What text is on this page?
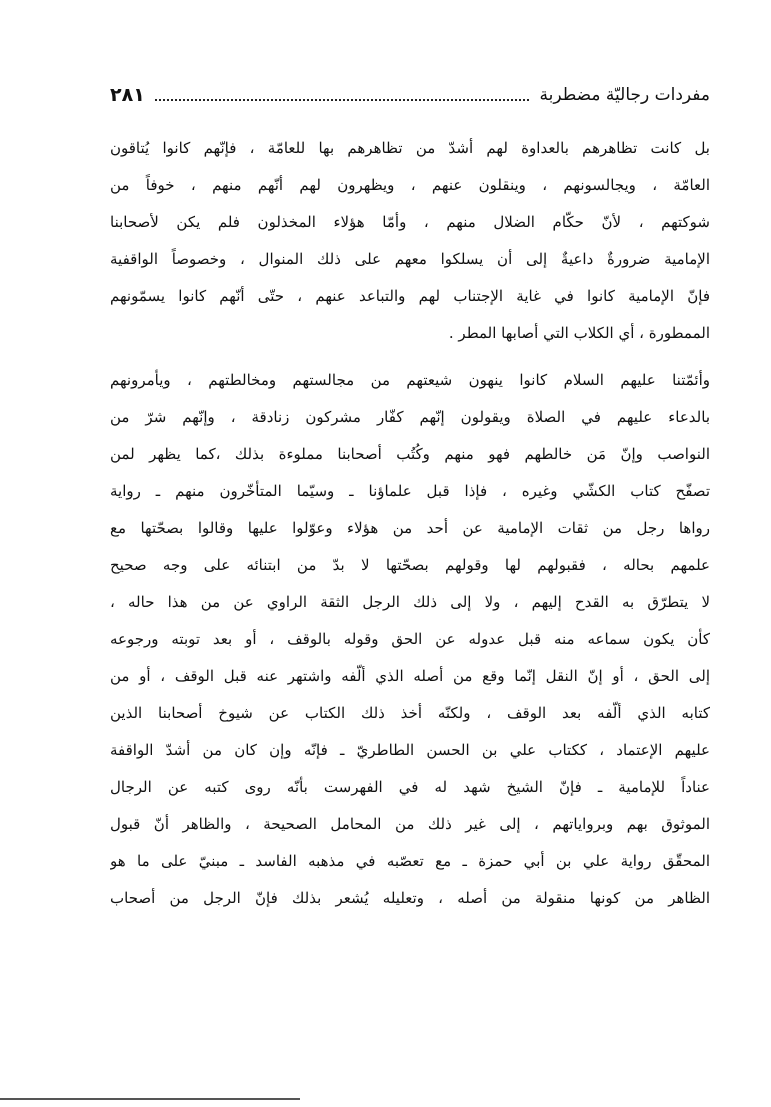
مفردات رجاليّة مضطربة
٢٨١
بل كانت تظاهرهم بالعداوة لهم أشدّ من تظاهرهم بها للعامّة ، فإنّهم كانوا يُتاقون
العامّة ، ويجالسونهم ، وينقلون عنهم ، ويظهرون لهم أنّهم منهم ، خوفاً من
شوكتهم ، لأنّ حكّام الضلال منهم ، وأمّا هؤلاء المخذلون فلم يكن لأصحابنا
الإمامية ضرورةٌ داعيةٌ إلى أن يسلكوا معهم على ذلك المنوال ، وخصوصاً الواقفية
فإنّ الإمامية كانوا في غاية الإجتناب لهم والتباعد عنهم ، حتّى أنّهم كانوا يسمّونهم
الممطورة ، أي الكلاب التي أصابها المطر .
وأئمّتنا عليهم السلام كانوا ينهون شيعتهم من مجالستهم ومخالطتهم ، ويأمرونهم
بالدعاء عليهم في الصلاة ويقولون إنّهم كفّار مشركون زنادقة ، وإنّهم شرّ من
النواصب وإنّ مَن خالطهم فهو منهم وكُتُب أصحابنا مملوءة بذلك ،كما يظهر لمن
تصفّح كتاب الكشّي وغيره ، فإذا قبل علماؤنا ـ وسيّما المتأخّرون منهم ـ رواية
رواها رجل من ثقات الإمامية عن أحد من هؤلاء وعوّلوا عليها وقالوا بصحّتها مع
علمهم بحاله ، فقبولهم لها وقولهم بصحّتها لا بدّ من ابتنائه على وجه صحيح
لا يتطرّق به القدح إليهم ، ولا إلى ذلك الرجل الثقة الراوي عن من هذا حاله ،
كأن يكون سماعه منه قبل عدوله عن الحق وقوله بالوقف ، أو بعد توبته ورجوعه
إلى الحق ، أو إنّ النقل إنّما وقع من أصله الذي ألّفه واشتهر عنه قبل الوقف ، أو من
كتابه الذي ألّفه بعد الوقف ، ولكنّه أخذ ذلك الكتاب عن شيوخ أصحابنا الذين
عليهم الإعتماد ، ككتاب علي بن الحسن الطاطريّ ـ فإنّه وإن كان من أشدّ الواقفة
عناداً للإمامية ـ فإنّ الشيخ شهد له في الفهرست بأنّه روى كتبه عن الرجال
الموثوق بهم وبرواياتهم ، إلى غير ذلك من المحامل الصحيحة ، والظاهر أنّ قبول
المحقّق رواية علي بن أبي حمزة ـ مع تعصّبه في مذهبه الفاسد ـ مبنيّ على ما هو
الظاهر من كونها منقولة من أصله ، وتعليله يُشعر بذلك فإنّ الرجل من أصحاب
